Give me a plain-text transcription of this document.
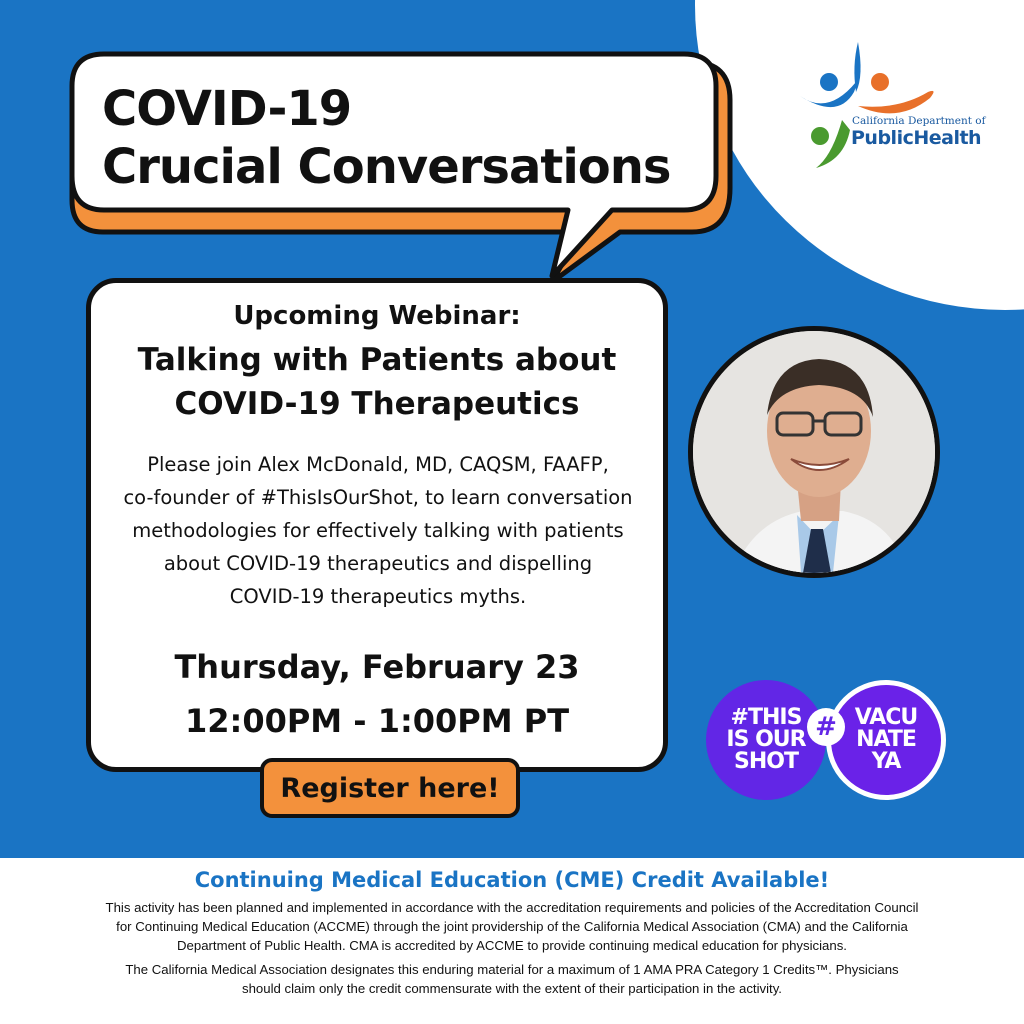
COVID-19
Crucial Conversations
California Department of
PublicHealth
Upcoming Webinar:
Talking with Patients about
COVID-19 Therapeutics
Please join Alex McDonald, MD, CAQSM, FAAFP,
co-founder of #ThisIsOurShot, to learn conversation
methodologies for effectively talking with patients
about COVID-19 therapeutics and dispelling
COVID-19 therapeutics myths.
Thursday, February 23
12:00PM - 1:00PM PT
Register here!
#THIS
IS OUR
SHOT
VACU
NATE
YA
#
Continuing Medical Education (CME) Credit Available!
This activity has been planned and implemented in accordance with the accreditation requirements and policies of the Accreditation Council
for Continuing Medical Education (ACCME) through the joint providership of the California Medical Association (CMA) and the California
Department of Public Health. CMA is accredited by ACCME to provide continuing medical education for physicians.
The California Medical Association designates this enduring material for a maximum of 1 AMA PRA Category 1 Credits™. Physicians
should claim only the credit commensurate with the extent of their participation in the activity.
